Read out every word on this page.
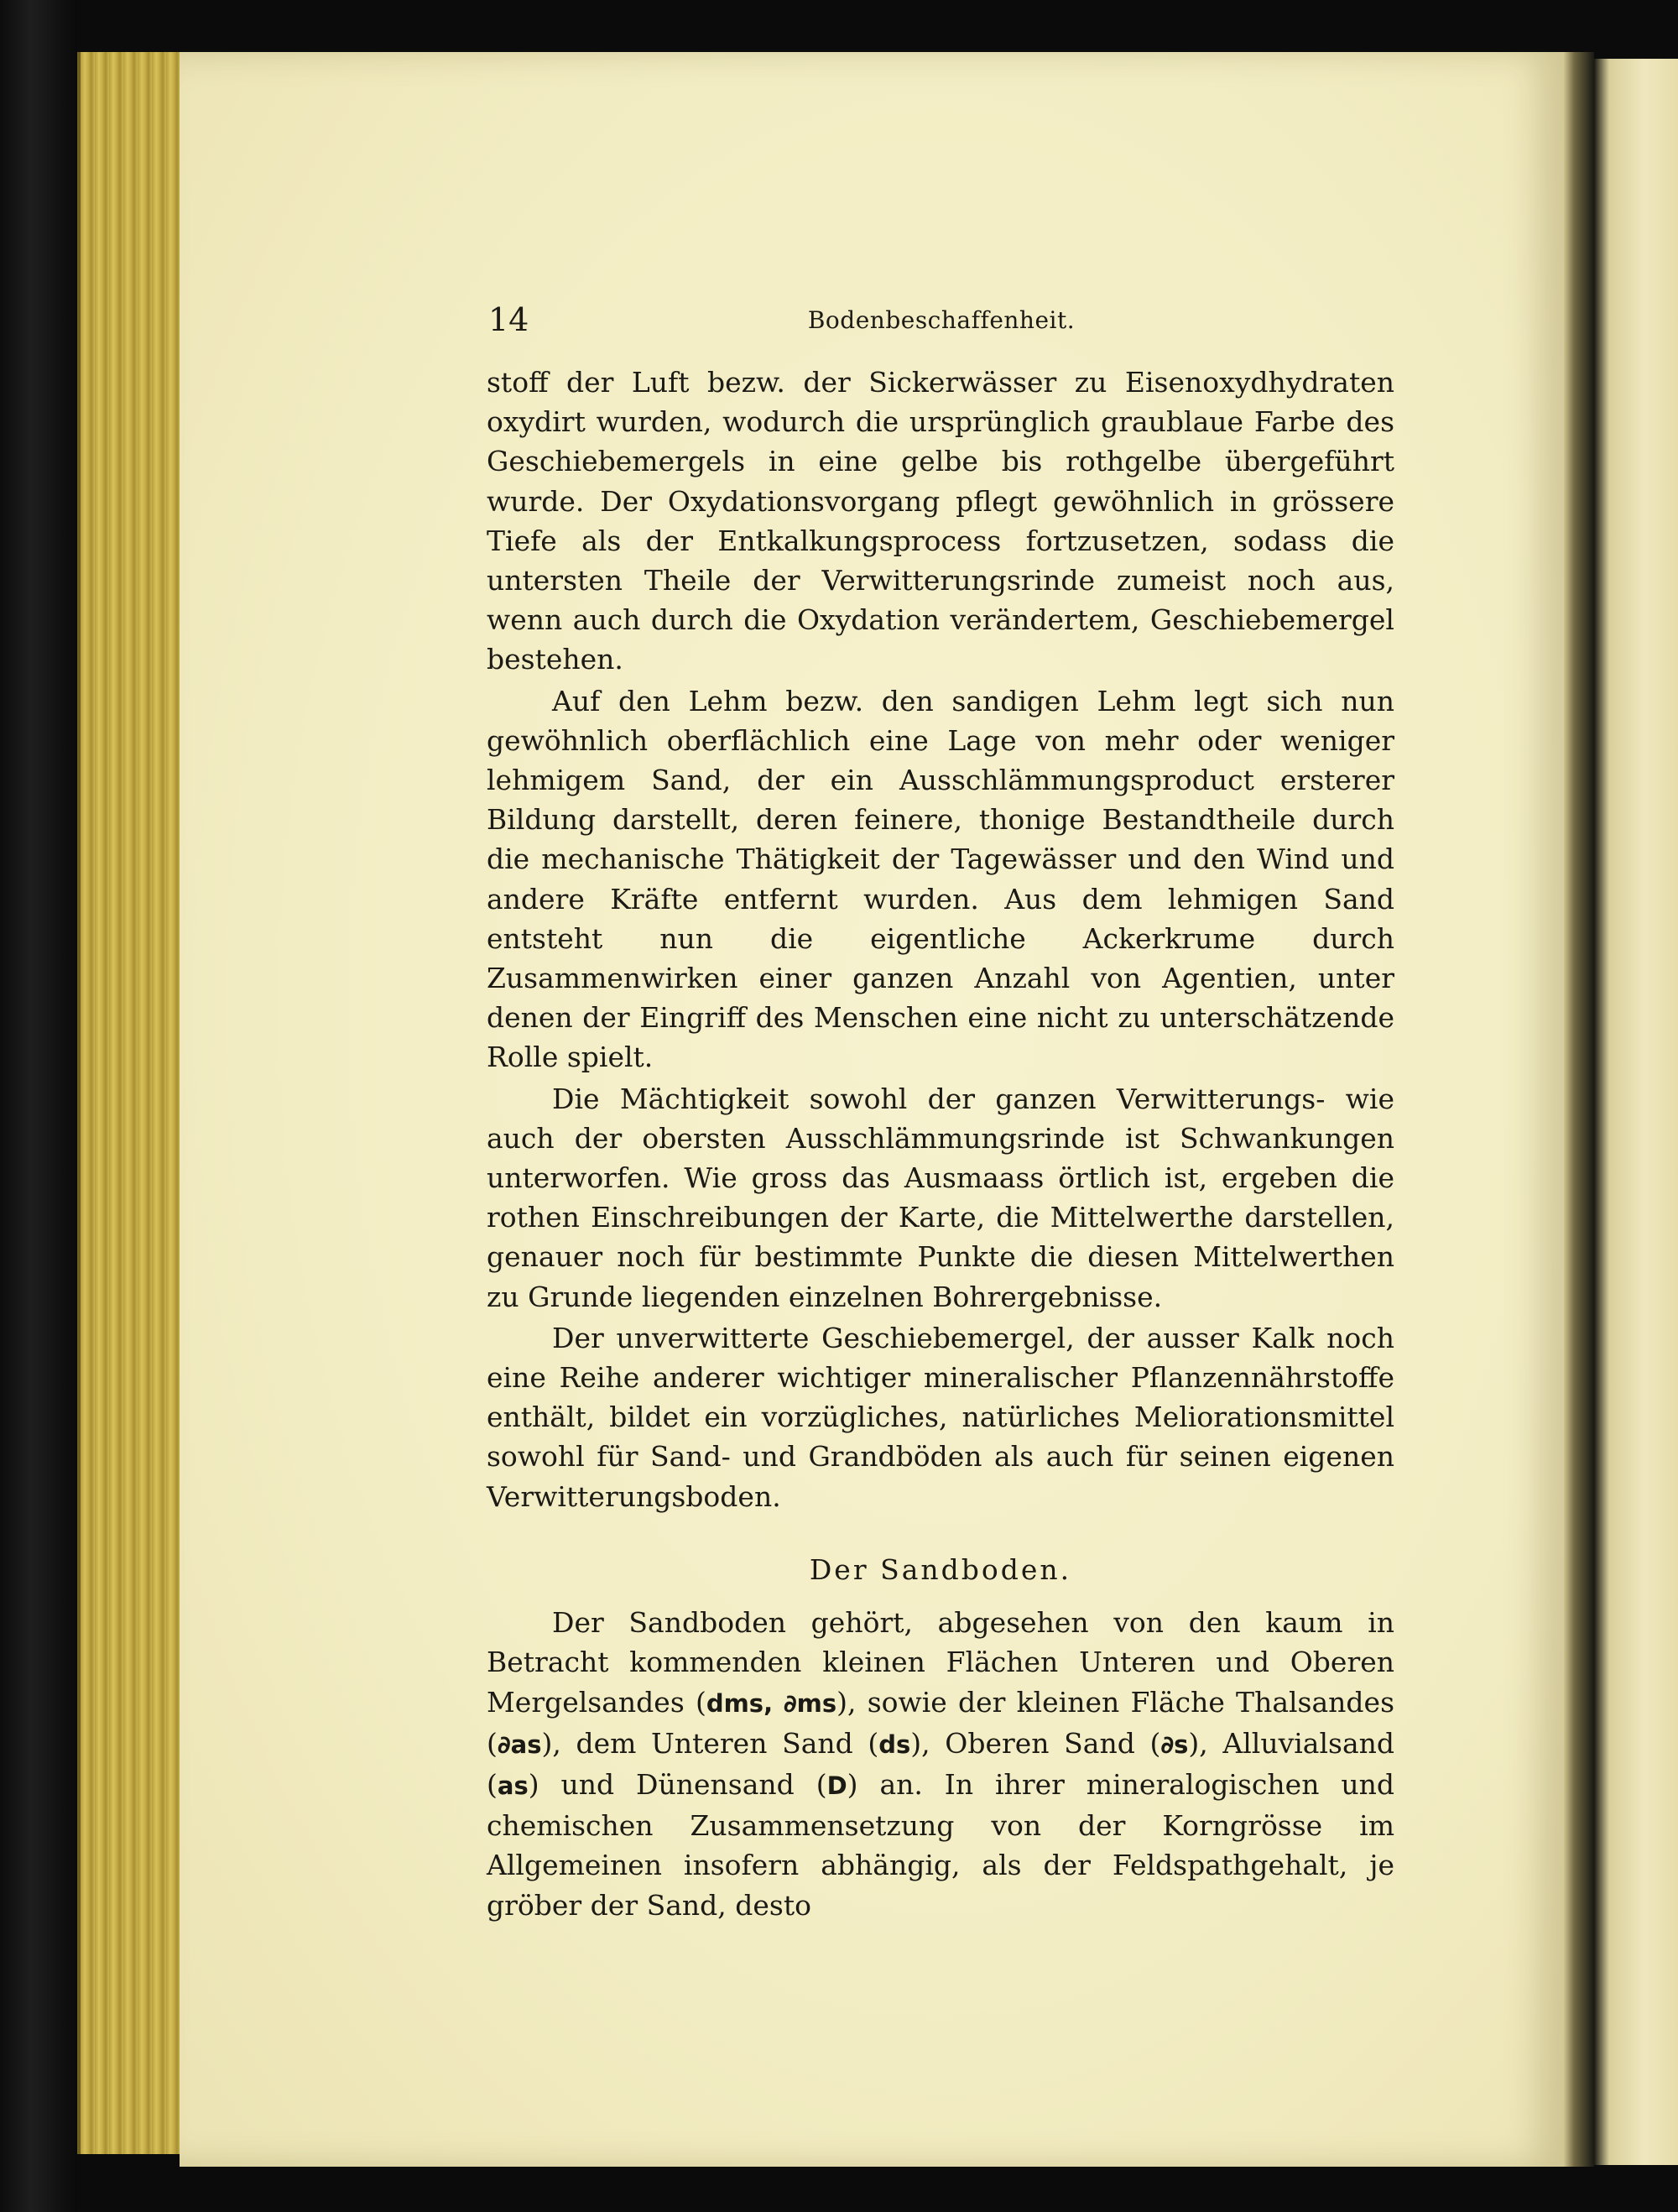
14	Bodenbeschaffenheit.

stoff der Luft bezw. der Sickerwässer zu Eisenoxydhydraten oxydirt wurden, wodurch die ursprünglich graublaue Farbe des Geschiebemergels in eine gelbe bis rothgelbe übergeführt wurde. Der Oxydationsvorgang pflegt gewöhnlich in grössere Tiefe als der Entkalkungsprocess fortzusetzen, sodass die untersten Theile der Verwitterungsrinde zumeist noch aus, wenn auch durch die Oxydation verändertem, Geschiebemergel bestehen.

Auf den Lehm bezw. den sandigen Lehm legt sich nun gewöhnlich oberflächlich eine Lage von mehr oder weniger lehmigem Sand, der ein Ausschlämmungsproduct ersterer Bildung darstellt, deren feinere, thonige Bestandtheile durch die mechanische Thätigkeit der Tagewässer und den Wind und andere Kräfte entfernt wurden. Aus dem lehmigen Sand entsteht nun die eigentliche Ackerkrume durch Zusammenwirken einer ganzen Anzahl von Agentien, unter denen der Eingriff des Menschen eine nicht zu unterschätzende Rolle spielt.

Die Mächtigkeit sowohl der ganzen Verwitterungs- wie auch der obersten Ausschlämmungsrinde ist Schwankungen unterworfen. Wie gross das Ausmaass örtlich ist, ergeben die rothen Einschreibungen der Karte, die Mittelwerthe darstellen, genauer noch für bestimmte Punkte die diesen Mittelwerthen zu Grunde liegenden einzelnen Bohrergebnisse.

Der unverwitterte Geschiebemergel, der ausser Kalk noch eine Reihe anderer wichtiger mineralischer Pflanzennährstoffe enthält, bildet ein vorzügliches, natürliches Meliorationsmittel sowohl für Sand- und Grandböden als auch für seinen eigenen Verwitterungsboden.

Der Sandboden.

Der Sandboden gehört, abgesehen von den kaum in Betracht kommenden kleinen Flächen Unteren und Oberen Mergelsandes (dms, ∂ms), sowie der kleinen Fläche Thalsandes (∂as), dem Unteren Sand (ds), Oberen Sand (∂s), Alluvialsand (as) und Dünensand (D) an. In ihrer mineralogischen und chemischen Zusammensetzung von der Korngrösse im Allgemeinen insofern abhängig, als der Feldspathgehalt, je gröber der Sand, desto
